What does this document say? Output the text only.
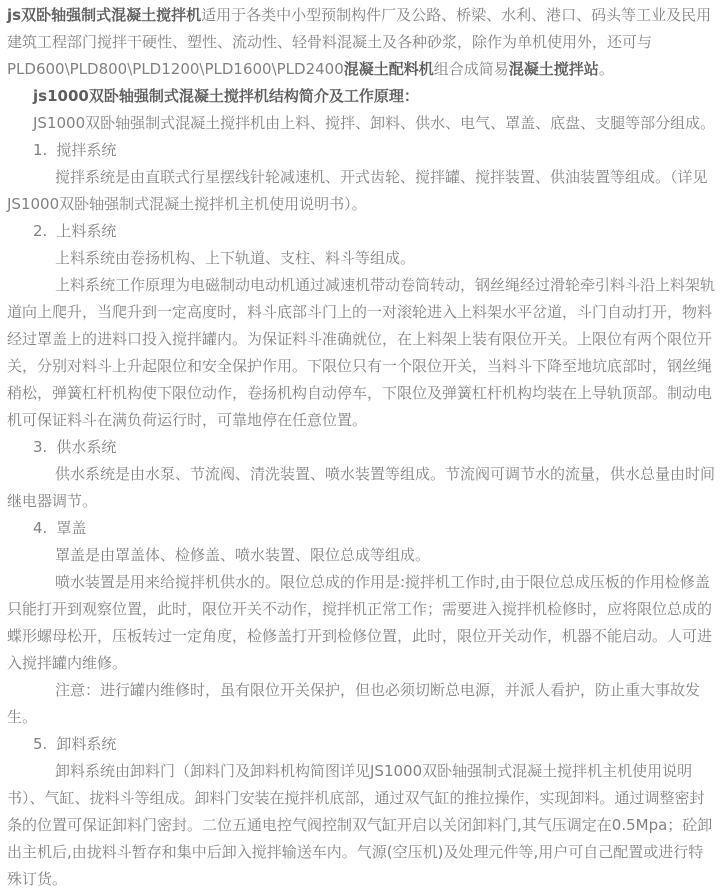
js双卧轴强制式混凝土搅拌机适用于各类中小型预制构件厂及公路、桥梁、水利、港口、码头等工业及民用建筑工程部门搅拌干硬性、塑性、流动性、轻骨料混凝土及各种砂浆，除作为单机使用外，还可与PLD600\PLD800\PLD1200\PLD1600\PLD2400混凝土配料机组合成简易混凝土搅拌站。

js1000双卧轴强制式混凝土搅拌机结构简介及工作原理：

JS1000双卧轴强制式混凝土搅拌机由上料、搅拌、卸料、供水、电气、罩盖、底盘、支腿等部分组成。

1. 搅拌系统

搅拌系统是由直联式行星摆线针轮减速机、开式齿轮、搅拌罐、搅拌装置、供油装置等组成。（详见JS1000双卧轴强制式混凝土搅拌机主机使用说明书）。

2. 上料系统

上料系统由卷扬机构、上下轨道、支柱、料斗等组成。

上料系统工作原理为电磁制动电动机通过减速机带动卷筒转动，钢丝绳经过滑轮牵引料斗沿上料架轨道向上爬升，当爬升到一定高度时，料斗底部斗门上的一对滚轮进入上料架水平岔道，斗门自动打开，物料经过罩盖上的进料口投入搅拌罐内。为保证料斗准确就位，在上料架上装有限位开关。上限位有两个限位开关，分别对料斗上升起限位和安全保护作用。下限位只有一个限位开关，当料斗下降至地坑底部时，钢丝绳稍松，弹簧杠杆机构使下限位动作，卷扬机构自动停车，下限位及弹簧杠杆机构均装在上导轨顶部。制动电机可保证料斗在满负荷运行时，可靠地停在任意位置。

3. 供水系统

供水系统是由水泵、节流阀、清洗装置、喷水装置等组成。节流阀可调节水的流量，供水总量由时间继电器调节。

4. 罩盖

罩盖是由罩盖体、检修盖、喷水装置、限位总成等组成。

喷水装置是用来给搅拌机供水的。限位总成的作用是:搅拌机工作时,由于限位总成压板的作用检修盖只能打开到观察位置，此时，限位开关不动作，搅拌机正常工作；需要进入搅拌机检修时，应将限位总成的蝶形螺母松开，压板转过一定角度，检修盖打开到检修位置，此时，限位开关动作，机器不能启动。人可进入搅拌罐内维修。

注意：进行罐内维修时，虽有限位开关保护，但也必须切断总电源，并派人看护，防止重大事故发生。

5. 卸料系统

卸料系统由卸料门（卸料门及卸料机构简图详见JS1000双卧轴强制式混凝土搅拌机主机使用说明书）、气缸、拢料斗等组成。卸料门安装在搅拌机底部，通过双气缸的推拉操作，实现卸料。通过调整密封条的位置可保证卸料门密封。二位五通电控气阀控制双气缸开启以关闭卸料门,其气压调定在0.5Mpa；砼卸出主机后,由拢料斗暂存和集中后卸入搅拌输送车内。气源(空压机)及处理元件等,用户可自己配置或进行特殊订货。
